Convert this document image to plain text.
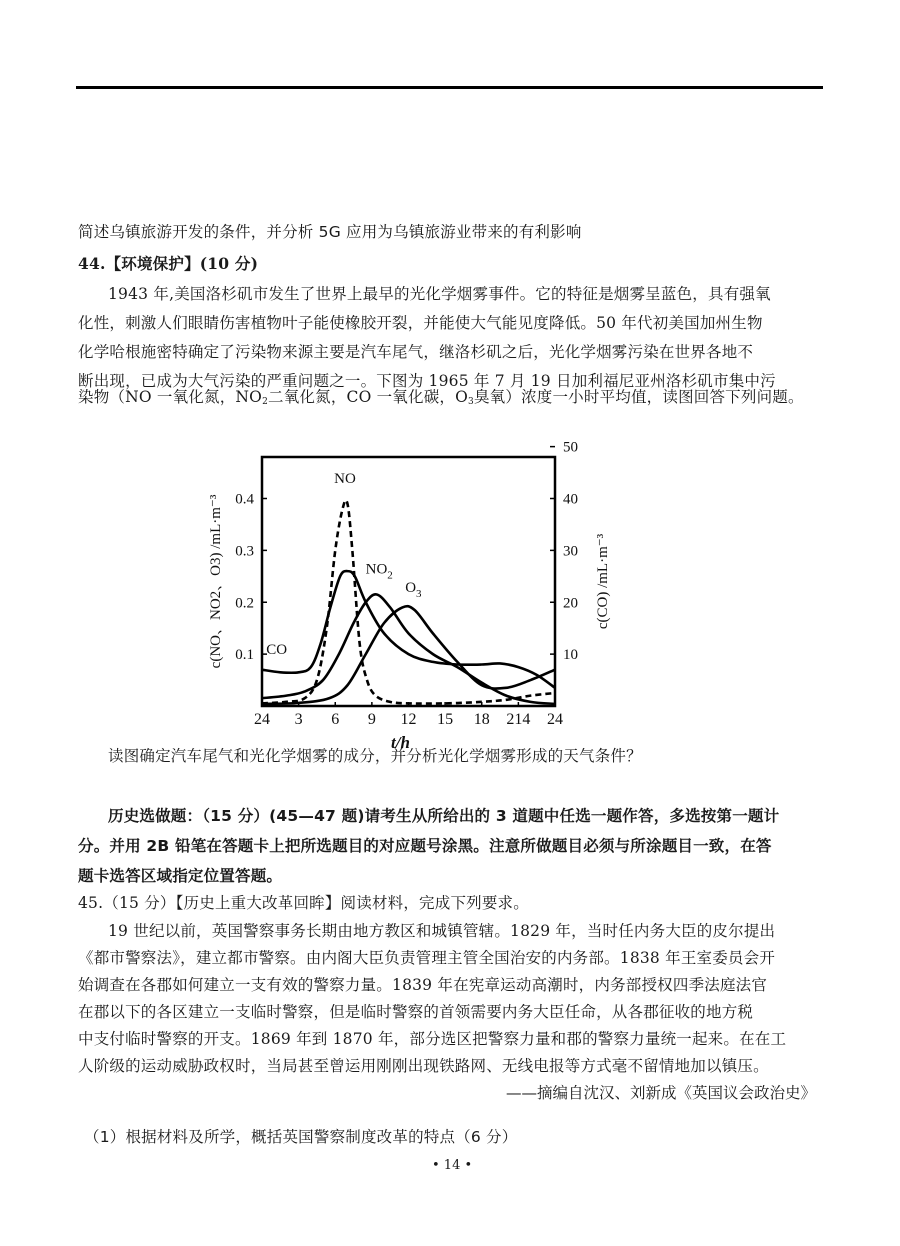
简述乌镇旅游开发的条件，并分析 5G 应用为乌镇旅游业带来的有利影响
44.【环境保护】(10 分)
1943 年,美国洛杉矶市发生了世界上最早的光化学烟雾事件。它的特征是烟雾呈蓝色，具有强氧
化性，刺激人们眼睛伤害植物叶子能使橡胶开裂，并能使大气能见度降低。50 年代初美国加州生物
化学哈根施密特确定了污染物来源主要是汽车尾气，继洛杉矶之后，光化学烟雾污染在世界各地不
断出现，已成为大气污染的严重问题之一。下图为 1965 年 7 月 19 日加利福尼亚州洛杉矶市集中污
染物（NO 一氧化氮，$NO_2$二氧化氮，CO 一氧化碳，$O_3$臭氧）浓度一小时平均值，读图回答下列问题。
24 3 6 9 12 15 18 214 24
0.1
0.2
0.3
0.4
10
20
30
40
50
t/h
c(NO、NO2、O3) /mL·m⁻³	c(CO) /mL·m⁻³
NO
$NO_2$
$O_3$
CO
读图确定汽车尾气和光化学烟雾的成分，并分析光化学烟雾形成的天气条件？
历史选做题：（15 分）(45—47 题)请考生从所给出的 3 道题中任选一题作答，多选按第一题计
分。并用 2B 铅笔在答题卡上把所选题目的对应题号涂黑。注意所做题目必须与所涂题目一致，在答
题卡选答区域指定位置答题。
45.（15 分）【历史上重大改革回眸】阅读材料，完成下列要求。
19 世纪以前，英国警察事务长期由地方教区和城镇管辖。1829 年，当时任内务大臣的皮尔提出
《都市警察法》，建立都市警察。由内阁大臣负责管理主管全国治安的内务部。1838 年王室委员会开
始调查在各郡如何建立一支有效的警察力量。1839 年在宪章运动高潮时，内务部授权四季法庭法官
在郡以下的各区建立一支临时警察，但是临时警察的首领需要内务大臣任命，从各郡征收的地方税
中支付临时警察的开支。1869 年到 1870 年，部分选区把警察力量和郡的警察力量统一起来。在在工
人阶级的运动威胁政权时，当局甚至曾运用刚刚出现铁路网、无线电报等方式毫不留情地加以镇压。
——摘编自沈汉、刘新成《英国议会政治史》
（1）根据材料及所学，概括英国警察制度改革的特点（6 分）
• 14 •
